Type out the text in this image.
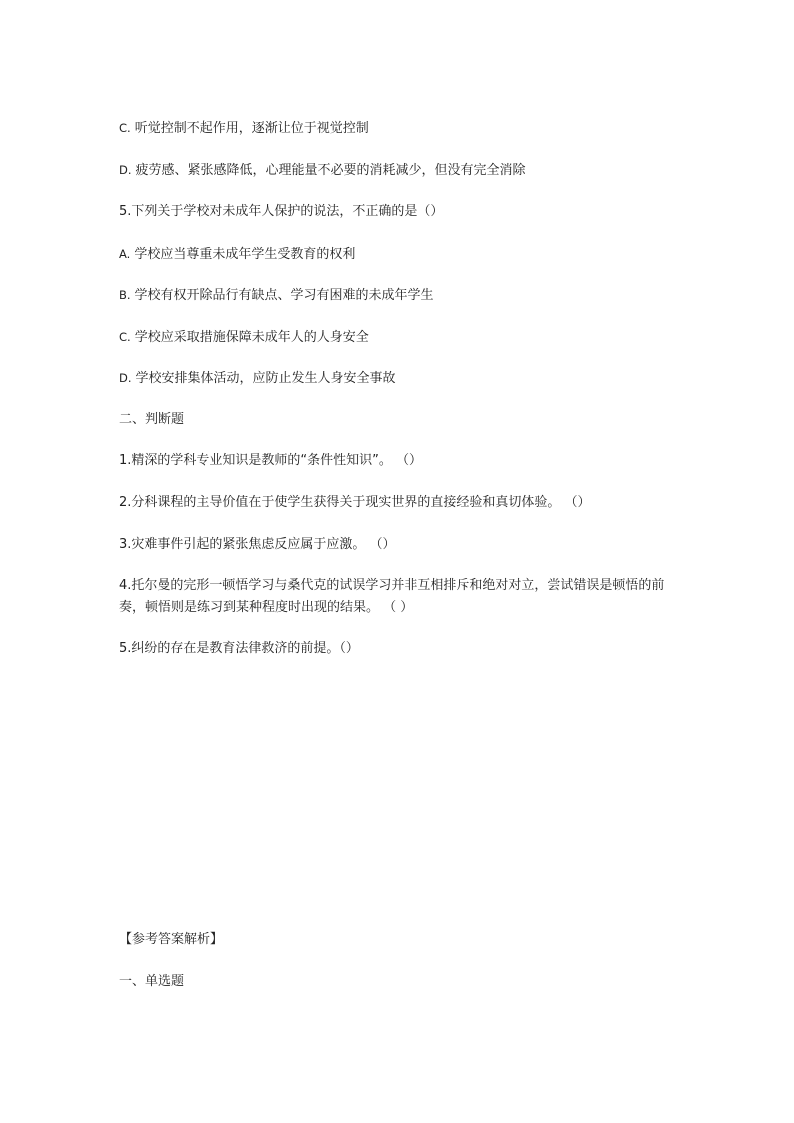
C. 听觉控制不起作用，逐渐让位于视觉控制
D. 疲劳感、紧张感降低，心理能量不必要的消耗减少，但没有完全消除
5.下列关于学校对未成年人保护的说法，不正确的是（）
A. 学校应当尊重未成年学生受教育的权利
B. 学校有权开除品行有缺点、学习有困难的未成年学生
C. 学校应采取措施保障未成年人的人身安全
D. 学校安排集体活动，应防止发生人身安全事故
二、判断题
1.精深的学科专业知识是教师的“条件性知识”。 （）
2.分科课程的主导价值在于使学生获得关于现实世界的直接经验和真切体验。 （）
3.灾难事件引起的紧张焦虑反应属于应激。 （）
4.托尔曼的完形一顿悟学习与桑代克的试误学习并非互相排斥和绝对对立，尝试错误是顿悟的前奏，顿悟则是练习到某种程度时出现的结果。 （ ）
5.纠纷的存在是教育法律救济的前提。（）
【参考答案解析】
一、单选题
